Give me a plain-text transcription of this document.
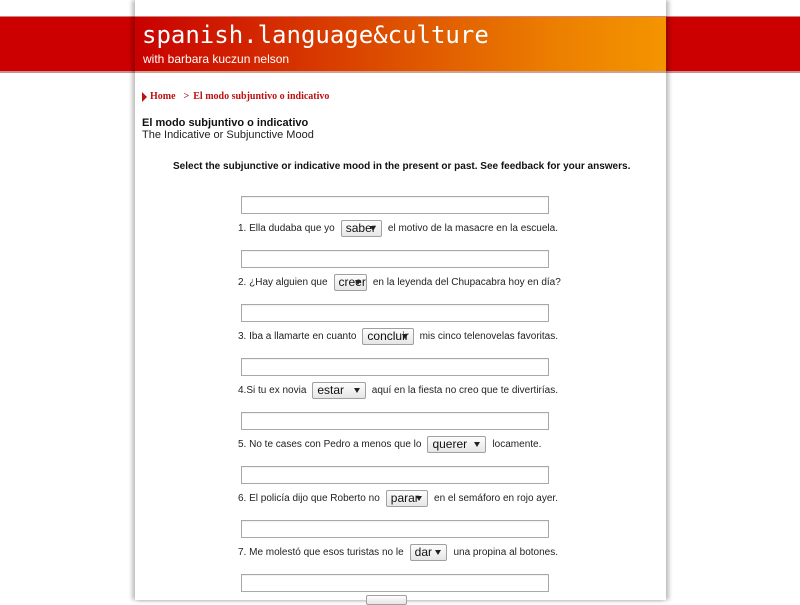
spanish.language&culture
with barbara kuczun nelson
Home > El modo subjuntivo o indicativo
El modo subjuntivo o indicativo
The Indicative or Subjunctive Mood
Select the subjunctive or indicative mood in the present or past. See feedback for your answers.
1. Ella dudaba que yo saber el motivo de la masacre en la escuela.
2. ¿Hay alguien que creer en la leyenda del Chupacabra hoy en día?
3. Iba a llamarte en cuanto concluir mis cinco telenovelas favoritas.
4.Si tu ex novia estar	aquí en la fiesta no creo que te divertirías.
5. No te cases con Pedro a menos que lo querer	locamente.
6. El policía dijo que Roberto no parar en el semáforo en rojo ayer.
7. Me molestó que esos turistas no le dar una propina al botones.
